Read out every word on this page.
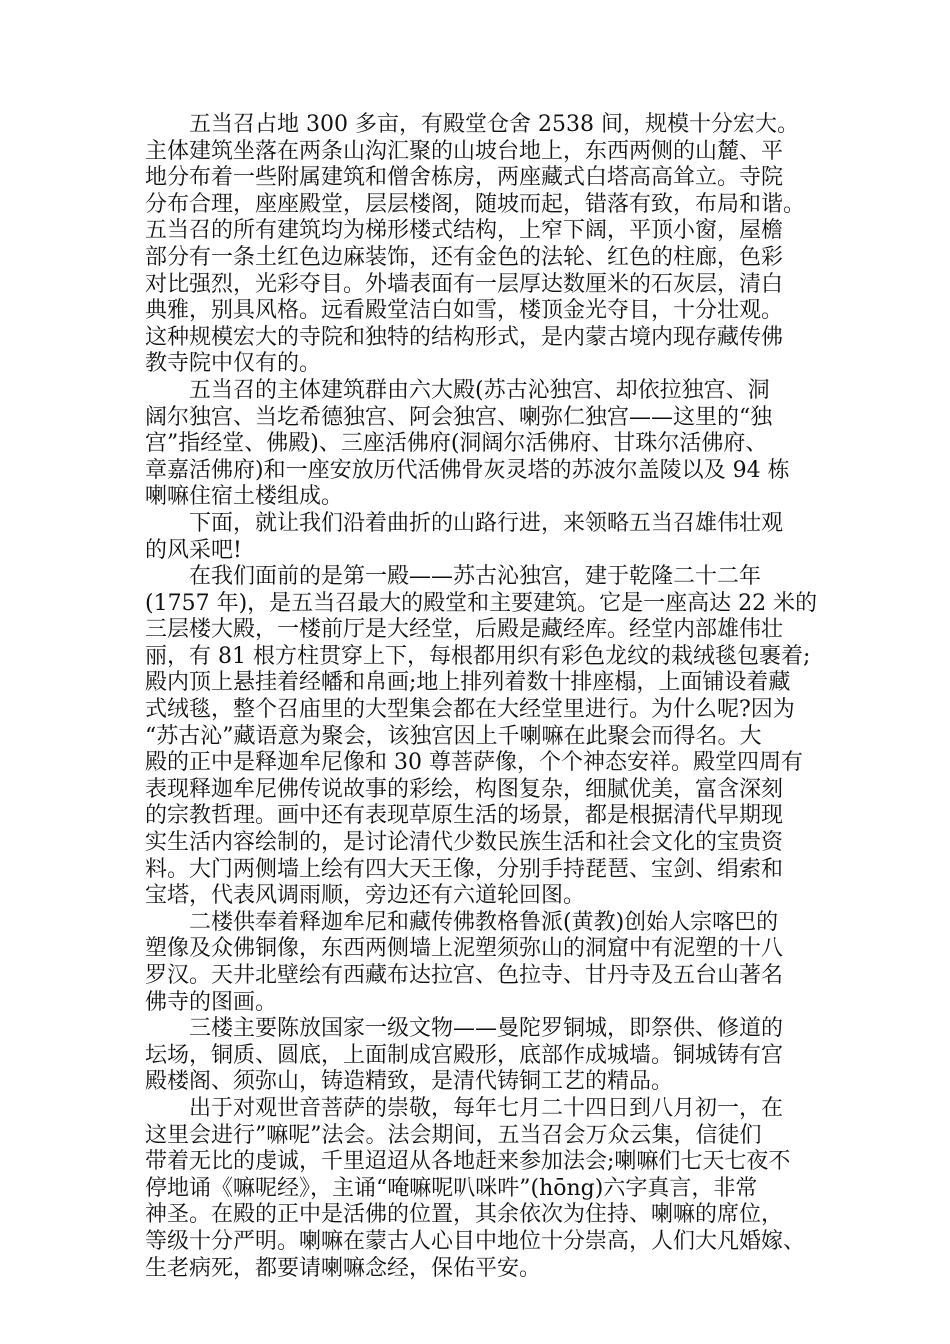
五当召占地 300 多亩，有殿堂仓舍 2538 间，规模十分宏大。
主体建筑坐落在两条山沟汇聚的山坡台地上，东西两侧的山麓、平
地分布着一些附属建筑和僧舍栋房，两座藏式白塔高高耸立。寺院
分布合理，座座殿堂，层层楼阁，随坡而起，错落有致，布局和谐。
五当召的所有建筑均为梯形楼式结构，上窄下阔，平顶小窗，屋檐
部分有一条土红色边麻装饰，还有金色的法轮、红色的柱廊，色彩
对比强烈，光彩夺目。外墙表面有一层厚达数厘米的石灰层，清白
典雅，别具风格。远看殿堂洁白如雪，楼顶金光夺目，十分壮观。
这种规模宏大的寺院和独特的结构形式，是内蒙古境内现存藏传佛
教寺院中仅有的。

五当召的主体建筑群由六大殿(苏古沁独宫、却依拉独宫、洞
阔尔独宫、当圪希德独宫、阿会独宫、喇弥仁独宫——这里的“独
宫”指经堂、佛殿)、三座活佛府(洞阔尔活佛府、甘珠尔活佛府、
章嘉活佛府)和一座安放历代活佛骨灰灵塔的苏波尔盖陵以及 94 栋
喇嘛住宿土楼组成。

下面，就让我们沿着曲折的山路行进，来领略五当召雄伟壮观
的风采吧!

在我们面前的是第一殿——苏古沁独宫，建于乾隆二十二年
(1757 年)，是五当召最大的殿堂和主要建筑。它是一座高达 22 米的
三层楼大殿，一楼前厅是大经堂，后殿是藏经库。经堂内部雄伟壮
丽，有 81 根方柱贯穿上下，每根都用织有彩色龙纹的栽绒毯包裹着;
殿内顶上悬挂着经幡和帛画;地上排列着数十排座榻，上面铺设着藏
式绒毯，整个召庙里的大型集会都在大经堂里进行。为什么呢?因为
“苏古沁”藏语意为聚会，该独宫因上千喇嘛在此聚会而得名。大
殿的正中是释迦牟尼像和 30 尊菩萨像，个个神态安祥。殿堂四周有
表现释迦牟尼佛传说故事的彩绘，构图复杂，细腻优美，富含深刻
的宗教哲理。画中还有表现草原生活的场景，都是根据清代早期现
实生活内容绘制的，是讨论清代少数民族生活和社会文化的宝贵资
料。大门两侧墙上绘有四大天王像，分别手持琵琶、宝剑、绢索和
宝塔，代表风调雨顺，旁边还有六道轮回图。

二楼供奉着释迦牟尼和藏传佛教格鲁派(黄教)创始人宗喀巴的
塑像及众佛铜像，东西两侧墙上泥塑须弥山的洞窟中有泥塑的十八
罗汉。天井北壁绘有西藏布达拉宫、色拉寺、甘丹寺及五台山著名
佛寺的图画。

三楼主要陈放国家一级文物——曼陀罗铜城，即祭供、修道的
坛场，铜质、圆底，上面制成宫殿形，底部作成城墙。铜城铸有宫
殿楼阁、须弥山，铸造精致，是清代铸铜工艺的精品。

出于对观世音菩萨的崇敬，每年七月二十四日到八月初一，在
这里会进行”嘛呢”法会。法会期间，五当召会万众云集，信徒们
带着无比的虔诚，千里迢迢从各地赶来参加法会;喇嘛们七天七夜不
停地诵《嘛呢经》，主诵“唵嘛呢叭咪吽”(hōng)六字真言，非常
神圣。在殿的正中是活佛的位置，其余依次为住持、喇嘛的席位，
等级十分严明。喇嘛在蒙古人心目中地位十分崇高，人们大凡婚嫁、
生老病死，都要请喇嘛念经，保佑平安。
